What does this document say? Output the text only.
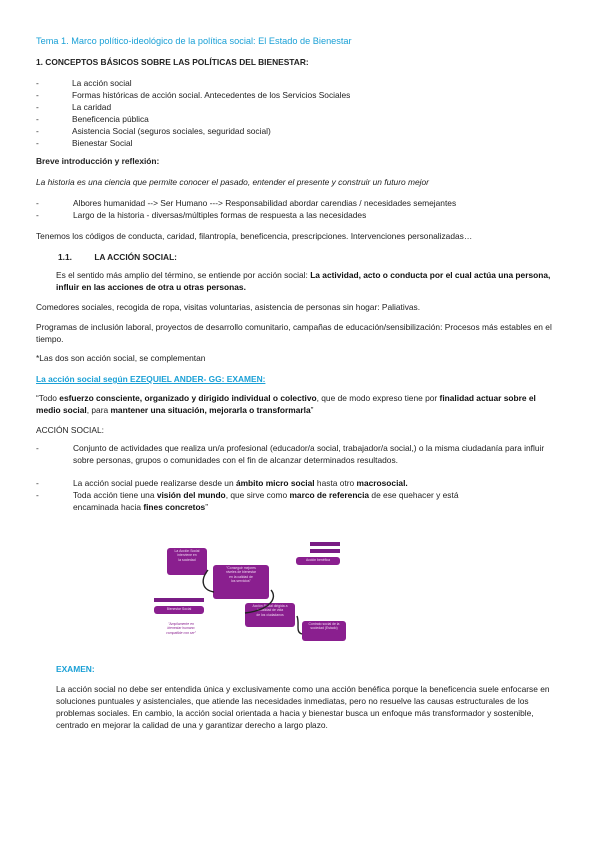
Tema 1. Marco político-ideológico de la política social: El Estado de Bienestar
1. CONCEPTOS BÁSICOS SOBRE LAS POLÍTICAS DEL BIENESTAR:
- La acción social
- Formas históricas de acción social. Antecedentes de los Servicios Sociales
- La caridad
- Beneficencia pública
- Asistencia Social (seguros sociales, seguridad social)
- Bienestar Social
Breve introducción y reflexión:
La historia es una ciencia que permite conocer el pasado, entender el presente y construir un futuro mejor
- Albores humanidad --> Ser Humano ---> Responsabilidad abordar carendias / necesidades semejantes
- Largo de la historia - diversas/múltiples formas de respuesta a las necesidades
Tenemos los códigos de conducta, caridad, filantropía, beneficencia, prescripciones. Intervenciones personalizadas…
1.1.	LA ACCIÓN SOCIAL:
Es el sentido más amplio del término, se entiende por acción social: La actividad, acto o conducta por el cual actúa una persona, influir en las acciones de otra u otras personas.
Comedores sociales, recogida de ropa, visitas voluntarias, asistencia de personas sin hogar: Paliativas.
Programas de inclusión laboral, proyectos de desarrollo comunitario, campañas de educación/sensibilización: Procesos más estables en el tiempo.
*Las dos son acción social, se complementan
La acción social según EZEQUIEL ANDER- GG: EXAMEN:
“Todo esfuerzo consciente, organizado y dirigido individual o colectivo, que de modo expreso tiene por finalidad actuar sobre el medio social, para mantener una situación, mejorarla o transformarla”
ACCIÓN SOCIAL:
- Conjunto de actividades que realiza un/a profesional (educador/a social, trabajador/a social,) o la misma ciudadanía para influir sobre personas, grupos o comunidades con el fin de alcanzar determinados resultados.
- La acción social puede realizarse desde un ámbito micro social hasta otro macrosocial.
- Toda acción tiene una visión del mundo, que sirve como marco de referencia de ese quehacer y está encaminada hacia fines concretos”
La Acción Social
interviene en
la sociedad	Acción benéfica
"Conseguir mejores
niveles de bienestar
en la calidad de
los servicios"
Bienestar Social
Acción Social dirigida a
la calidad de vida
de los ciudadanos
Contrato social de la
sociedad (Estado)
"Ampliamente en
bienestar humano
compatible con ser"
EXAMEN:
La acción social no debe ser entendida única y exclusivamente como una acción benéfica porque la beneficencia suele enfocarse en soluciones puntuales y asistenciales, que atiende las necesidades inmediatas, pero no resuelve las causas estructurales de los problemas sociales. En cambio, la acción social orientada a hacia y bienestar busca un enfoque más transformador y sostenible, centrado en mejorar la calidad de una y garantizar derecho a largo plazo.
